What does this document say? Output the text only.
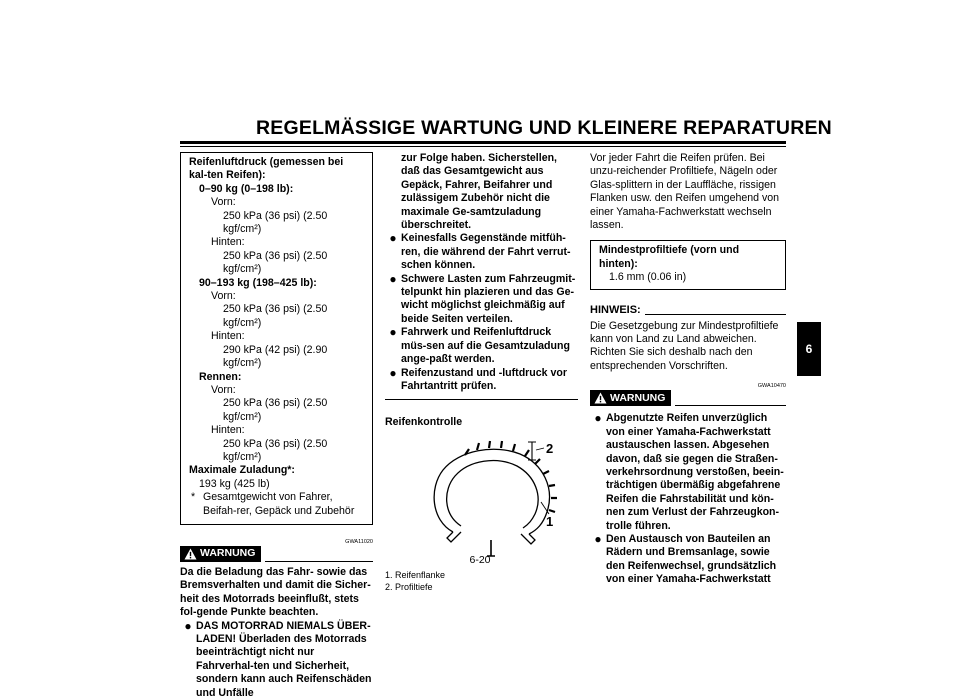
REGELMÄSSIGE WARTUNG UND KLEINERE REPARATUREN
6
Reifenluftdruck (gemessen bei kal-ten Reifen):
0–90 kg (0–198 lb):
Vorn:
250 kPa (36 psi) (2.50 kgf/cm²)
Hinten:
250 kPa (36 psi) (2.50 kgf/cm²)
90–193 kg (198–425 lb):
Vorn:
250 kPa (36 psi) (2.50 kgf/cm²)
Hinten:
290 kPa (42 psi) (2.90 kgf/cm²)
Rennen:
Vorn:
250 kPa (36 psi) (2.50 kgf/cm²)
Hinten:
250 kPa (36 psi) (2.50 kgf/cm²)
Maximale Zuladung*:
193 kg (425 lb)
* Gesamtgewicht von Fahrer, Beifah-rer, Gepäck und Zubehör
GWA11020
WARNUNG
Da die Beladung das Fahr- sowie das Bremsverhalten und damit die Sicher-heit des Motorrads beeinflußt, stets fol-gende Punkte beachten.
● DAS MOTORRAD NIEMALS ÜBER-LADEN! Überladen des Motorrads beeinträchtigt nicht nur Fahrverhal-ten und Sicherheit, sondern kann auch Reifenschäden und Unfälle
zur Folge haben. Sicherstellen, daß das Gesamtgewicht aus Gepäck, Fahrer, Beifahrer und zulässigem Zubehör nicht die maximale Ge-samtzuladung überschreitet.
● Keinesfalls Gegenstände mitfüh-ren, die während der Fahrt verrut-schen können.
● Schwere Lasten zum Fahrzeugmit-telpunkt hin plazieren und das Ge-wicht möglichst gleichmäßig auf beide Seiten verteilen.
● Fahrwerk und Reifenluftdruck müs-sen auf die Gesamtzuladung ange-paßt werden.
● Reifenzustand und -luftdruck vor Fahrtantritt prüfen.
Reifenkontrolle
2
1
1. Reifenflanke
2. Profiltiefe
Vor jeder Fahrt die Reifen prüfen. Bei unzu-reichender Profiltiefe, Nägeln oder Glas-splittern in der Lauffläche, rissigen Flanken usw. den Reifen umgehend von einer Yamaha-Fachwerkstatt wechseln lassen.
Mindestprofiltiefe (vorn und hinten):
1.6 mm (0.06 in)
HINWEIS:
Die Gesetzgebung zur Mindestprofiltiefe kann von Land zu Land abweichen. Richten Sie sich deshalb nach den entsprechenden Vorschriften.
GWA10470
WARNUNG
● Abgenutzte Reifen unverzüglich von einer Yamaha-Fachwerkstatt austauschen lassen. Abgesehen davon, daß sie gegen die Straßen-verkehrsordnung verstoßen, beein-trächtigen übermäßig abgefahrene Reifen die Fahrstabilität und kön-nen zum Verlust der Fahrzeugkon-trolle führen.
● Den Austausch von Bauteilen an Rädern und Bremsanlage, sowie den Reifenwechsel, grundsätzlich von einer Yamaha-Fachwerkstatt
6-20
